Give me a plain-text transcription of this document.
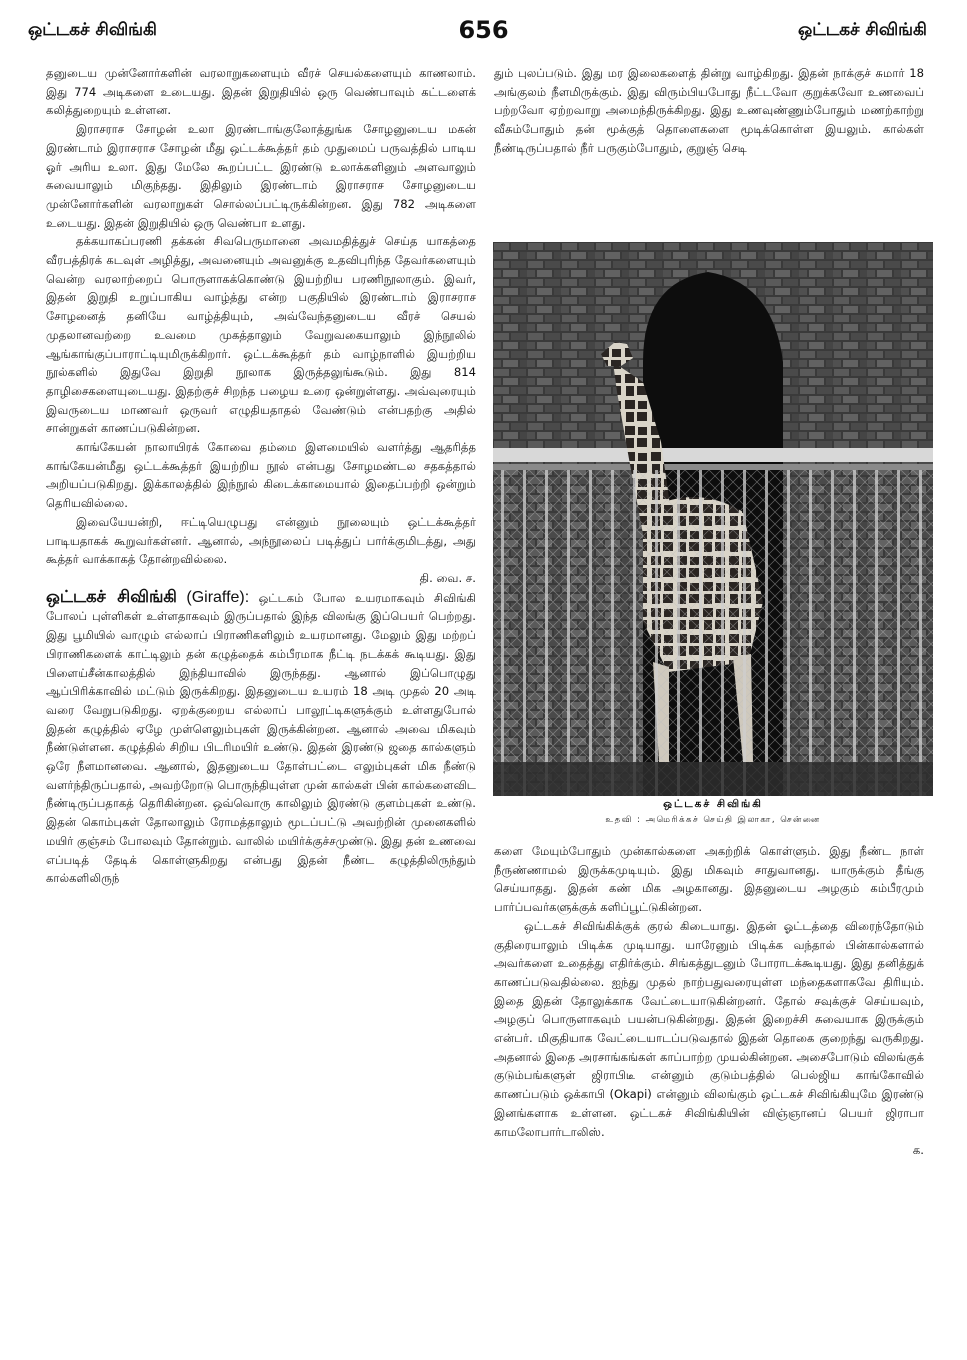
ஒட்டகச் சிவிங்கி	656	ஒட்டகச் சிவிங்கி

தனுடைய முன்னோர்களின் வரலாறுகளையும் வீரச் செயல்களையும் காணலாம். இது 774 அடிகளை உடையது. இதன் இறுதியில் ஒரு வெண்பாவும் கட்டளைக் கலித்துறையும் உள்ளன.

இராசராச சோழன் உலா இரண்டாங்குலோத்துங்க சோழனுடைய மகன் இரண்டாம் இராசராச சோழன் மீது ஒட்டக்கூத்தர் தம் முதுமைப் பருவத்தில் பாடிய ஓர் அரிய உலா. இது மேலே கூறப்பட்ட இரண்டு உலாக்களினும் அளவாலும் சுவையாலும் மிகுந்தது. இதிலும் இரண்டாம் இராசராச சோழனுடைய முன்னோர்களின் வரலாறுகள் சொல்லப்பட்டிருக்கின்றன. இது 782 அடிகளை உடையது. இதன் இறுதியில் ஒரு வெண்பா உளது.

தக்கயாகப்பரணி தக்கன் சிவபெருமானை அவமதித்துச் செய்த யாகத்தை வீரபத்திரக் கடவுள் அழித்து, அவனையும் அவனுக்கு உதவிபுரிந்த தேவர்களையும் வென்ற வரலாற்றைப் பொருளாகக்கொண்டு இயற்றிய பரணிநூலாகும். இவர், இதன் இறுதி உறுப்பாகிய வாழ்த்து என்ற பகுதியில் இரண்டாம் இராசராச சோழனைத் தனியே வாழ்த்தியும், அவ்வேந்தனுடைய வீரச் செயல் முதலானவற்றை உவமை முகத்தாலும் வேறுவகையாலும் இந்நூலில் ஆங்காங்குப்பாராட்டியுமிருக்கிறார். ஒட்டக்கூத்தர் தம் வாழ்நாளில் இயற்றிய நூல்களில் இதுவே இறுதி நூலாக இருத்தலுங்கூடும். இது 814 தாழிசைகளையுடையது. இதற்குச் சிறந்த பழைய உரை ஒன்றுள்ளது. அவ்வுரையும் இவருடைய மாணவர் ஒருவர் எழுதியதாதல் வேண்டும் என்பதற்கு அதில் சான்றுகள் காணப்படுகின்றன.

காங்கேயன் நாலாயிரக் கோவை தம்மை இளமையில் வளர்த்து ஆதரித்த காங்கேயன்மீது ஒட்டக்கூத்தர் இயற்றிய நூல் என்பது சோழமண்டல சதகத்தால் அறியப்படுகிறது. இக்காலத்தில் இந்நூல் கிடைக்காமையால் இதைப்பற்றி ஒன்றும் தெரியவில்லை.

இவையேயன்றி, ஈட்டியெழுபது என்னும் நூலையும் ஒட்டக்கூத்தர் பாடியதாகக் கூறுவர்கள்னர். ஆனால், அந்நூலைப் படித்துப் பார்க்குமிடத்து, அது கூத்தர் வாக்காகத் தோன்றவில்லை.

தி. வை. ச.

ஒட்டகச் சிவிங்கி (Giraffe): ஒட்டகம் போல உயரமாகவும் சிவிங்கி போலப் புள்ளிகள் உள்ளதாகவும் இருப்பதால் இந்த விலங்கு இப்பெயர் பெற்றது. இது பூமியில் வாழும் எல்லாப் பிராணிகளிலும் உயரமானது. மேலும் இது மற்றப் பிராணிகளைக் காட்டிலும் தன் கழுத்தைக் கம்பீரமாக நீட்டி நடக்கக் கூடியது. இது பிளைய்சீன்காலத்தில் இந்தியாவில் இருந்தது. ஆனால் இப்பொழுது ஆப்பிரிக்காவில் மட்டும் இருக்கிறது. இதனுடைய உயரம் 18 அடி முதல் 20 அடி வரை வேறுபடுகிறது. ஏறக்குறைய எல்லாப் பாலூட்டிகளுக்கும் உள்ளதுபோல் இதன் கழுத்தில் ஏழே முள்ளெலும்புகள் இருக்கின்றன. ஆனால் அவை மிகவும் நீண்டுள்ளன. கழுத்தில் சிறிய பிடரிமயிர் உண்டு. இதன் இரண்டு ஜதை கால்களும் ஒரே நீளமானவை. ஆனால், இதனுடைய தோள்பட்டை எலும்புகள் மிக நீண்டு வளர்ந்திருப்பதால், அவற்றோடு பொருந்தியுள்ள முன் கால்கள் பின் கால்களைவிட நீண்டிருப்பதாகத் தெரிகின்றன. ஒவ்வொரு காலிலும் இரண்டு குளம்புகள் உண்டு. இதன் கொம்புகள் தோலாலும் ரோமத்தாலும் மூடப்பட்டு அவற்றின் முனைகளில் மயிர் குஞ்சம் போலவும் தோன்றும். வாலில் மயிர்க்குச்சமுண்டு. இது தன் உணவை எப்படித் தேடிக் கொள்ளுகிறது என்பது இதன் நீண்ட கழுத்திலிருந்தும் கால்களிலிருந்

தும் புலப்படும். இது மர இலைகளைத் தின்று வாழ்கிறது. இதன் நாக்குச் சுமார் 18 அங்குலம் நீளமிருக்கும். இது விரும்பியபோது நீட்டவோ குறுக்கவோ உணவைப் பற்றவோ ஏற்றவாறு அமைந்திருக்கிறது. இது உணவுண்ணும்போதும் மணற்காற்று வீசும்போதும் தன் மூக்குத் தொளைகளை மூடிக்கொள்ள இயலும். கால்கள் நீண்டிருப்பதால் நீர் பருகும்போதும், குறுஞ் செடி

ஒட்டகச் சிவிங்கி
உதவி : அமெரிக்கச் செய்தி இலாகா, சென்னை

களை மேயும்போதும் முன்கால்களை அகற்றிக் கொள்ளும். இது நீண்ட நாள் நீருண்ணாமல் இருக்கமுடியும். இது மிகவும் சாதுவானது. யாருக்கும் தீங்கு செய்யாதது. இதன் கண் மிக அழகானது. இதனுடைய அழகும் கம்பீரமும் பார்ப்பவர்களுக்குக் களிப்பூட்டுகின்றன.

ஒட்டகச் சிவிங்கிக்குக் குரல் கிடையாது. இதன் ஓட்டத்தை விரைந்தோடும் குதிரையாலும் பிடிக்க முடியாது. யாரேனும் பிடிக்க வந்தால் பின்கால்களால் அவர்களை உதைத்து எதிர்க்கும். சிங்கத்துடனும் போராடக்கூடியது. இது தனித்துக் காணப்படுவதில்லை. ஐந்து முதல் நாற்பதுவரையுள்ள மந்தைகளாகவே திரியும். இதை இதன் தோலுக்காக வேட்டையாடுகின்றனர். தோல் சவுக்குச் செய்யவும், அழகுப் பொருளாகவும் பயன்படுகின்றது. இதன் இறைச்சி சுவையாக இருக்கும் என்பர். மிகுதியாக வேட்டையாடப்படுவதால் இதன் தொகை குறைந்து வருகிறது. அதனால் இதை அரசாங்கங்கள் காப்பாற்ற முயல்கின்றன. அசைபோடும் விலங்குக் குடும்பங்களுள் ஜிராபிடீ என்னும் குடும்பத்தில் பெல்ஜிய காங்கோவில் காணப்படும் ஒக்காபி (Okapi) என்னும் விலங்கும் ஒட்டகச் சிவிங்கியுமே இரண்டு இனங்களாக உள்ளன. ஒட்டகச் சிவிங்கியின் விஞ்ஞானப் பெயர் ஜிராபா காமலோபார்டாலிஸ்.

க.
